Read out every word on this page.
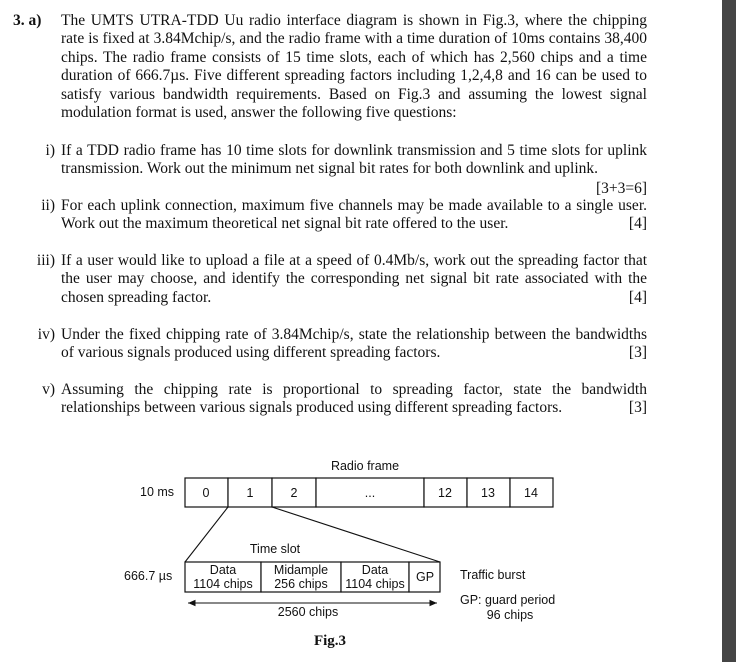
3. a) The UMTS UTRA-TDD Uu radio interface diagram is shown in Fig.3, where the chipping rate is fixed at 3.84Mchip/s, and the radio frame with a time duration of 10ms contains 38,400 chips. The radio frame consists of 15 time slots, each of which has 2,560 chips and a time duration of 666.7µs. Five different spreading factors including 1,2,4,8 and 16 can be used to satisfy various bandwidth requirements. Based on Fig.3 and assuming the lowest signal modulation format is used, answer the following five questions:

i) If a TDD radio frame has 10 time slots for downlink transmission and 5 time slots for uplink transmission. Work out the minimum net signal bit rates for both downlink and uplink.
[3+3=6]
ii) For each uplink connection, maximum five channels may be made available to a single user. Work out the maximum theoretical net signal bit rate offered to the user.	[4]
iii) If a user would like to upload a file at a speed of 0.4Mb/s, work out the spreading factor that the user may choose, and identify the corresponding net signal bit rate associated with the chosen spreading factor.	[4]
iv) Under the fixed chipping rate of 3.84Mchip/s, state the relationship between the bandwidths of various signals produced using different spreading factors.	[3]
v) Assuming the chipping rate is proportional to spreading factor, state the bandwidth relationships between various signals produced using different spreading factors.	[3]
Radio frame
10 ms 0	1	2	...	12 13 14
Time slot
666.7 µs	Data
1104 chips
Midample
256 chips
Data
1104 chips GP Traffic burst
2560 chips
GP: guard period
96 chips
Fig.3
